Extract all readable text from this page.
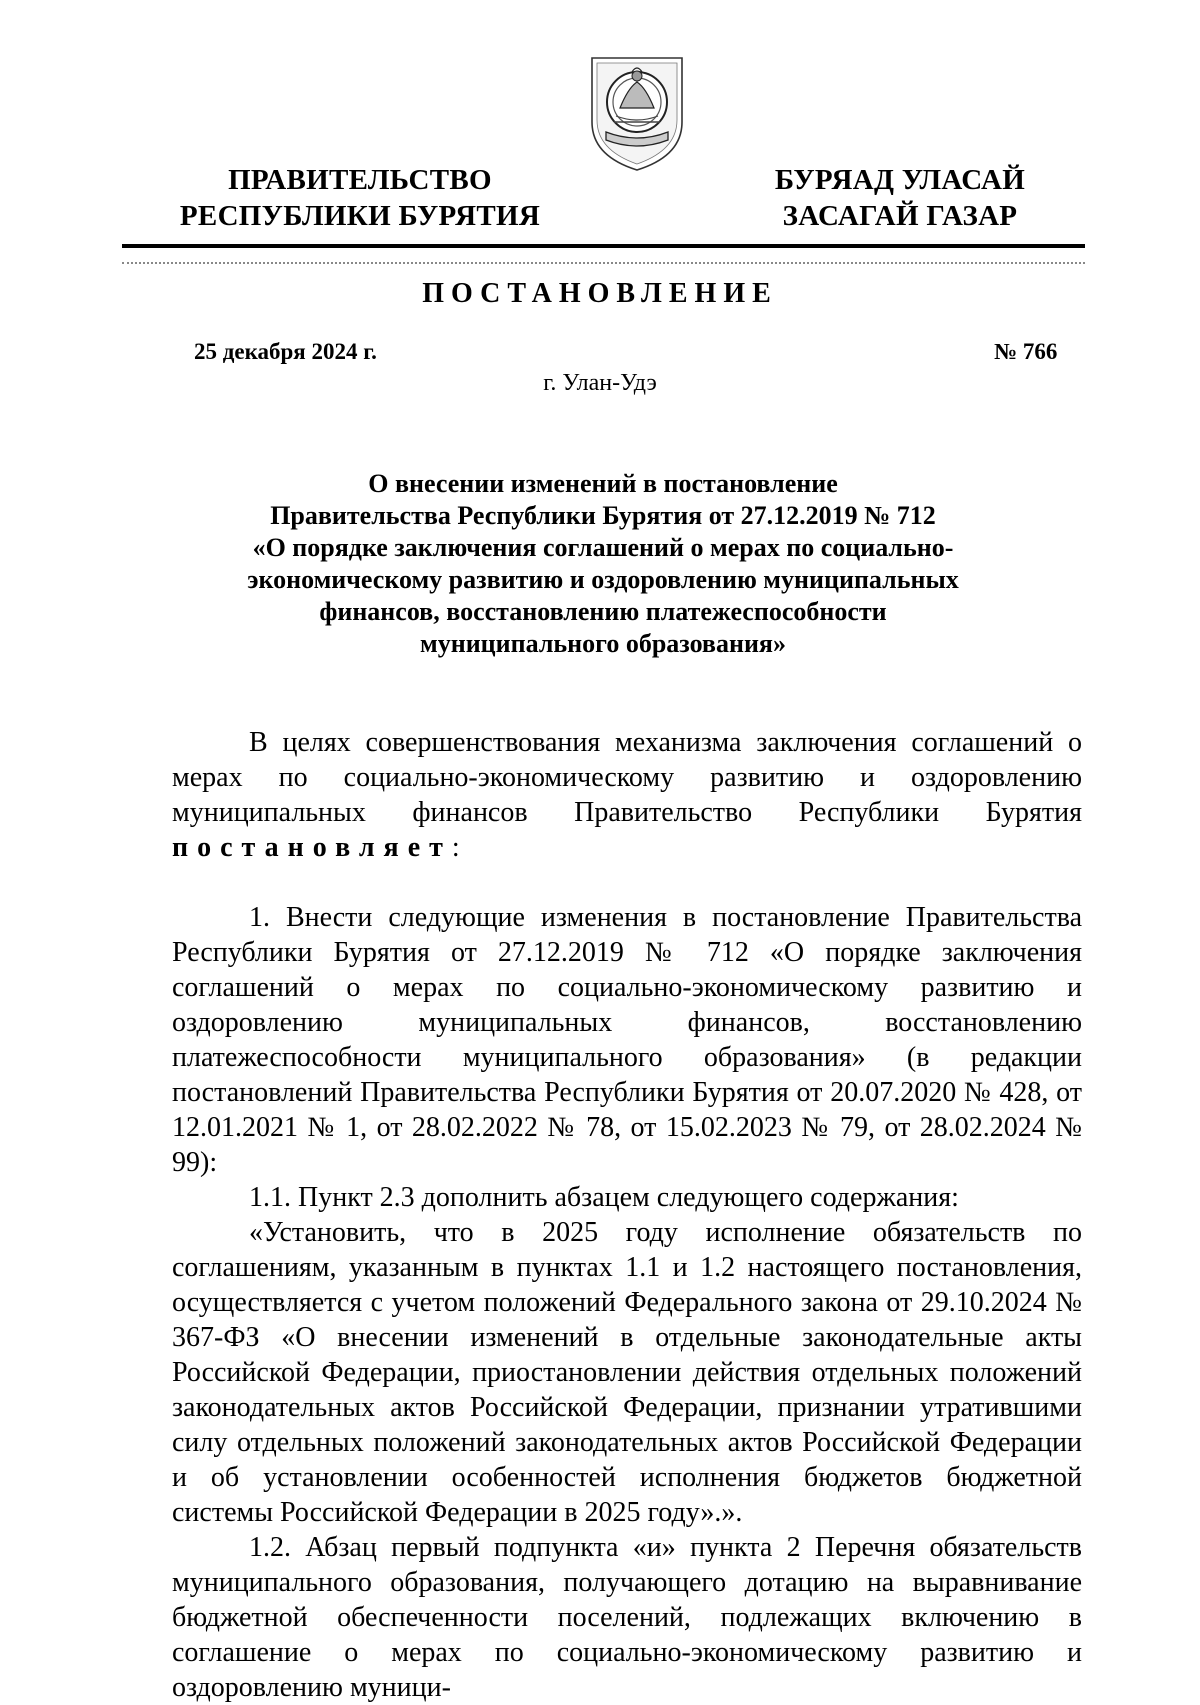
ПРАВИТЕЛЬСТВО
РЕСПУБЛИКИ БУРЯТИЯ
БУРЯАД УЛАСАЙ
ЗАСАГАЙ ГАЗАР
ПОСТАНОВЛЕНИЕ
25 декабря 2024 г.	№ 766
г. Улан-Удэ
О внесении изменений в постановление
Правительства Республики Бурятия от 27.12.2019 № 712
«О порядке заключения соглашений о мерах по социально-
экономическому развитию и оздоровлению муниципальных
финансов, восстановлению платежеспособности
муниципального образования»

В целях совершенствования механизма заключения соглашений о мерах по социально-экономическому развитию и оздоровлению муниципальных финансов Правительство Республики Бурятия постановляет:

1. Внести следующие изменения в постановление Правительства Республики Бурятия от 27.12.2019 № 712 «О порядке заключения соглашений о мерах по социально-экономическому развитию и оздоровлению муниципальных финансов, восстановлению платежеспособности муниципального образования» (в редакции постановлений Правительства Республики Бурятия от 20.07.2020 № 428, от 12.01.2021 № 1, от 28.02.2022 № 78, от 15.02.2023 № 79, от 28.02.2024 № 99):

1.1. Пункт 2.3 дополнить абзацем следующего содержания:

«Установить, что в 2025 году исполнение обязательств по соглашениям, указанным в пунктах 1.1 и 1.2 настоящего постановления, осуществляется с учетом положений Федерального закона от 29.10.2024 № 367-ФЗ «О внесении изменений в отдельные законодательные акты Российской Федерации, приостановлении действия отдельных положений законодательных актов Российской Федерации, признании утратившими силу отдельных положений законодательных актов Российской Федерации и об установлении особенностей исполнения бюджетов бюджетной системы Российской Федерации в 2025 году».».

1.2. Абзац первый подпункта «и» пункта 2 Перечня обязательств муниципального образования, получающего дотацию на выравнивание бюджетной обеспеченности поселений, подлежащих включению в соглашение о мерах по социально-экономическому развитию и оздоровлению муници-
